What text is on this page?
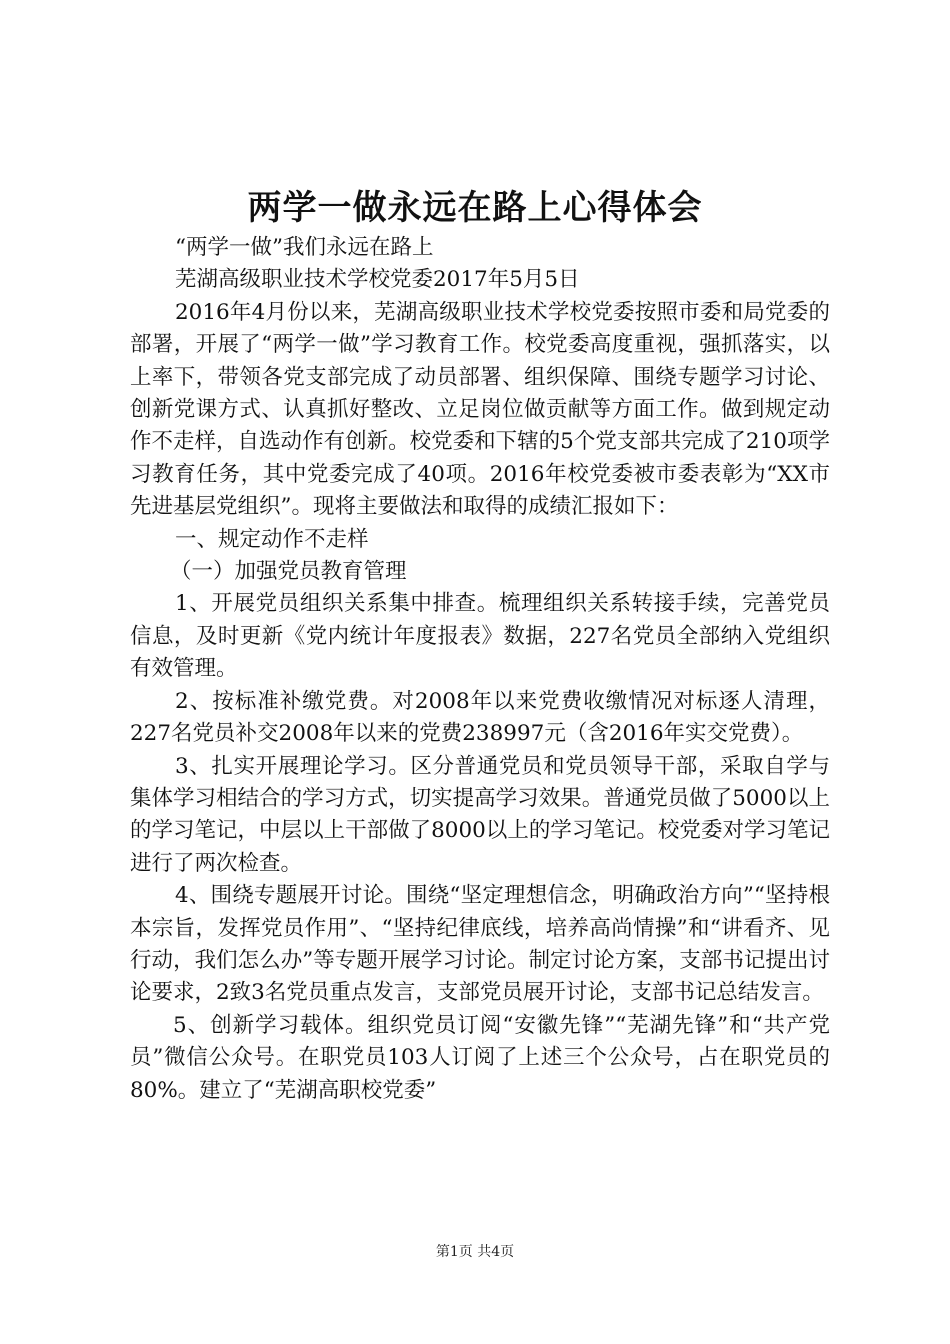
两学一做永远在路上心得体会

“两学一做”我们永远在路上

芜湖高级职业技术学校党委2017年5月5日

2016年4月份以来，芜湖高级职业技术学校党委按照市委和局党委的部署，开展了“两学一做”学习教育工作。校党委高度重视，强抓落实，以上率下，带领各党支部完成了动员部署、组织保障、围绕专题学习讨论、创新党课方式、认真抓好整改、立足岗位做贡献等方面工作。做到规定动作不走样，自选动作有创新。校党委和下辖的5个党支部共完成了210项学习教育任务，其中党委完成了40项。2016年校党委被市委表彰为“XX市先进基层党组织”。现将主要做法和取得的成绩汇报如下：

一、规定动作不走样

（一）加强党员教育管理

1、开展党员组织关系集中排查。梳理组织关系转接手续，完善党员信息，及时更新《党内统计年度报表》数据，227名党员全部纳入党组织有效管理。

2、按标准补缴党费。对2008年以来党费收缴情况对标逐人清理，227名党员补交2008年以来的党费238997元（含2016年实交党费）。

3、扎实开展理论学习。区分普通党员和党员领导干部，采取自学与集体学习相结合的学习方式，切实提高学习效果。普通党员做了5000以上的学习笔记，中层以上干部做了8000以上的学习笔记。校党委对学习笔记进行了两次检查。

4、围绕专题展开讨论。围绕“坚定理想信念，明确政治方向”“坚持根本宗旨，发挥党员作用”、“坚持纪律底线，培养高尚情操”和“讲看齐、见行动，我们怎么办”等专题开展学习讨论。制定讨论方案，支部书记提出讨论要求，2致3名党员重点发言，支部党员展开讨论，支部书记总结发言。

5、创新学习载体。组织党员订阅“安徽先锋”“芜湖先锋”和“共产党员”微信公众号。在职党员103人订阅了上述三个公众号，占在职党员的80%。建立了“芜湖高职校党委”

第1页 共4页
